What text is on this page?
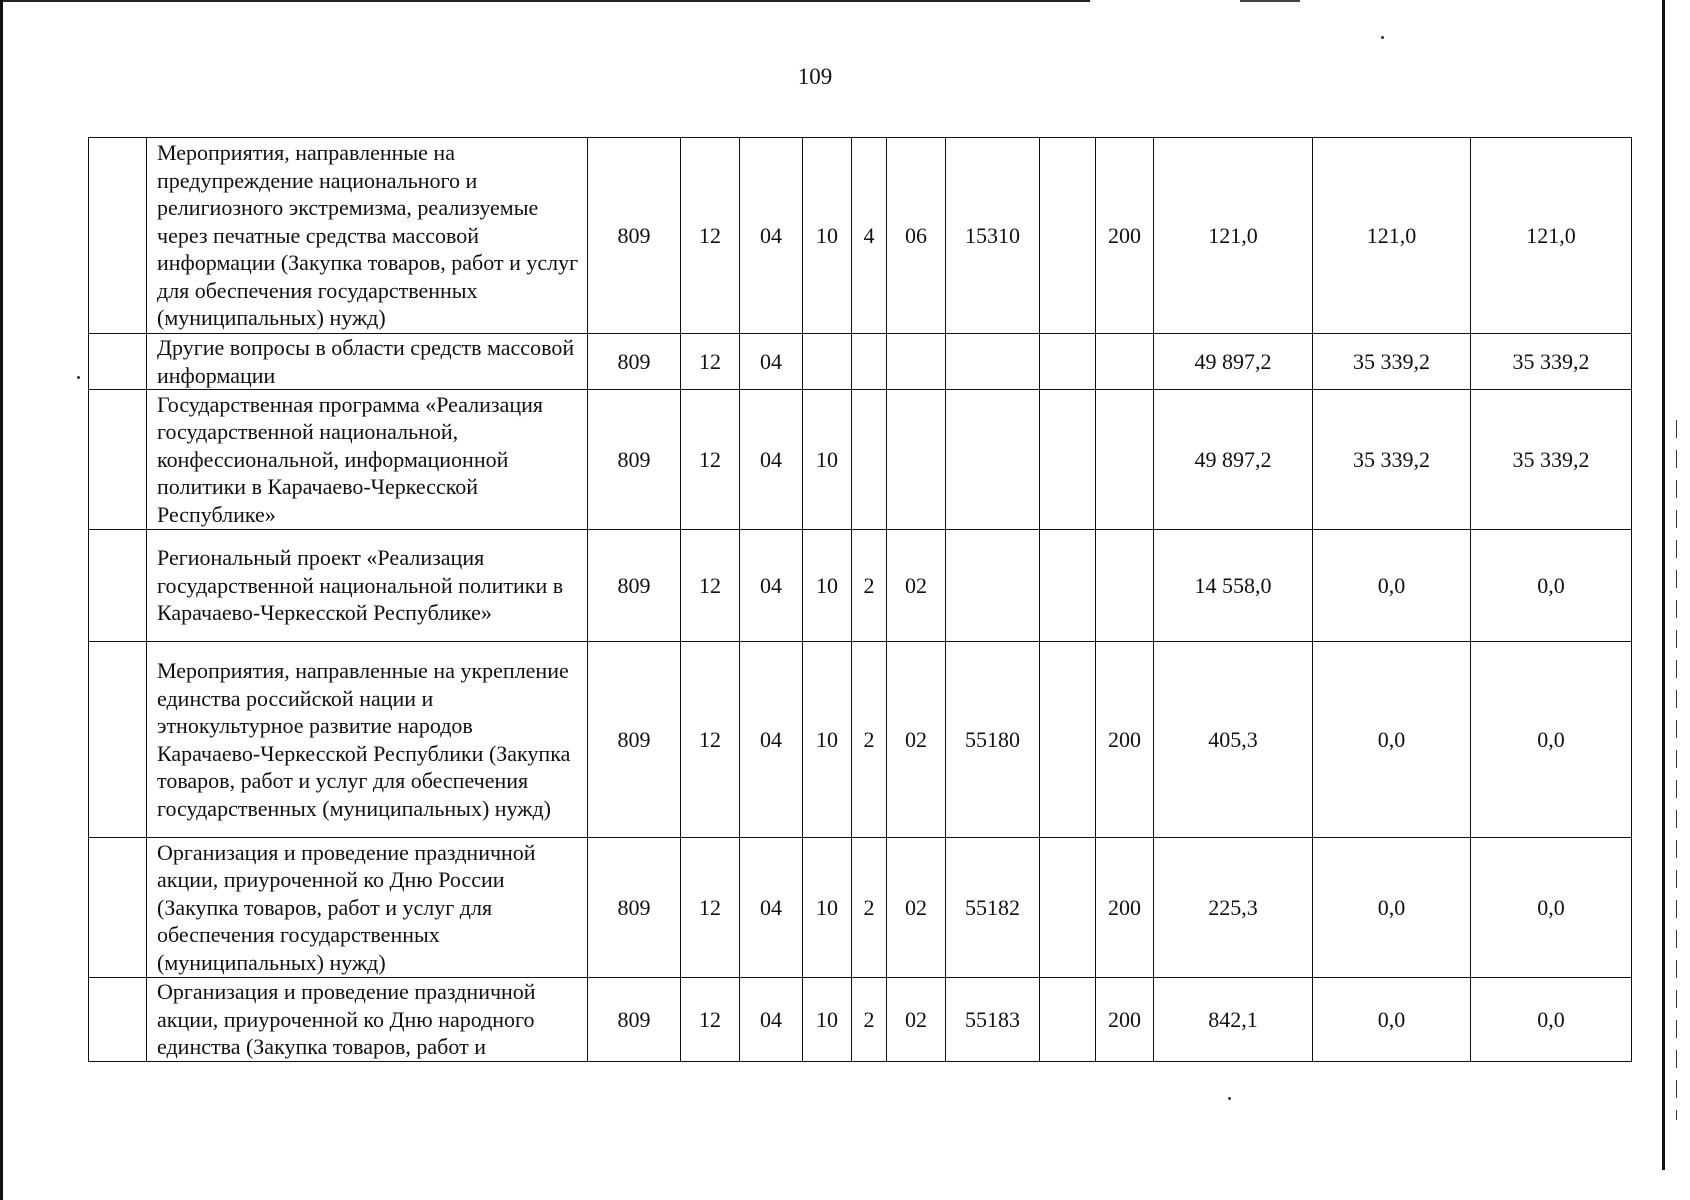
109
	Мероприятия, направленные на предупреждение национального и религиозного экстремизма, реализуемые через печатные средства массовой информации (Закупка товаров, работ и услуг для обеспечения государственных (муниципальных) нужд)	809	12	04	10	4	06	15310		200	121,0	121,0	121,0
	Другие вопросы в области средств массовой информации	809	12	04							49 897,2	35 339,2	35 339,2
	Государственная программа «Реализация государственной национальной, конфессиональной, информационной политики в Карачаево-Черкесской Республике»	809	12	04	10						49 897,2	35 339,2	35 339,2
	Региональный проект «Реализация государственной национальной политики в Карачаево-Черкесской Республике»	809	12	04	10	2	02				14 558,0	0,0	0,0
	Мероприятия, направленные на укрепление единства российской нации и этнокультурное развитие народов Карачаево-Черкесской Республики (Закупка товаров, работ и услуг для обеспечения государственных (муниципальных) нужд)	809	12	04	10	2	02	55180		200	405,3	0,0	0,0
	Организация и проведение праздничной акции, приуроченной ко Дню России (Закупка товаров, работ и услуг для обеспечения государственных (муниципальных) нужд)	809	12	04	10	2	02	55182		200	225,3	0,0	0,0
	Организация и проведение праздничной акции, приуроченной ко Дню народного единства (Закупка товаров, работ и	809	12	04	10	2	02	55183		200	842,1	0,0	0,0
